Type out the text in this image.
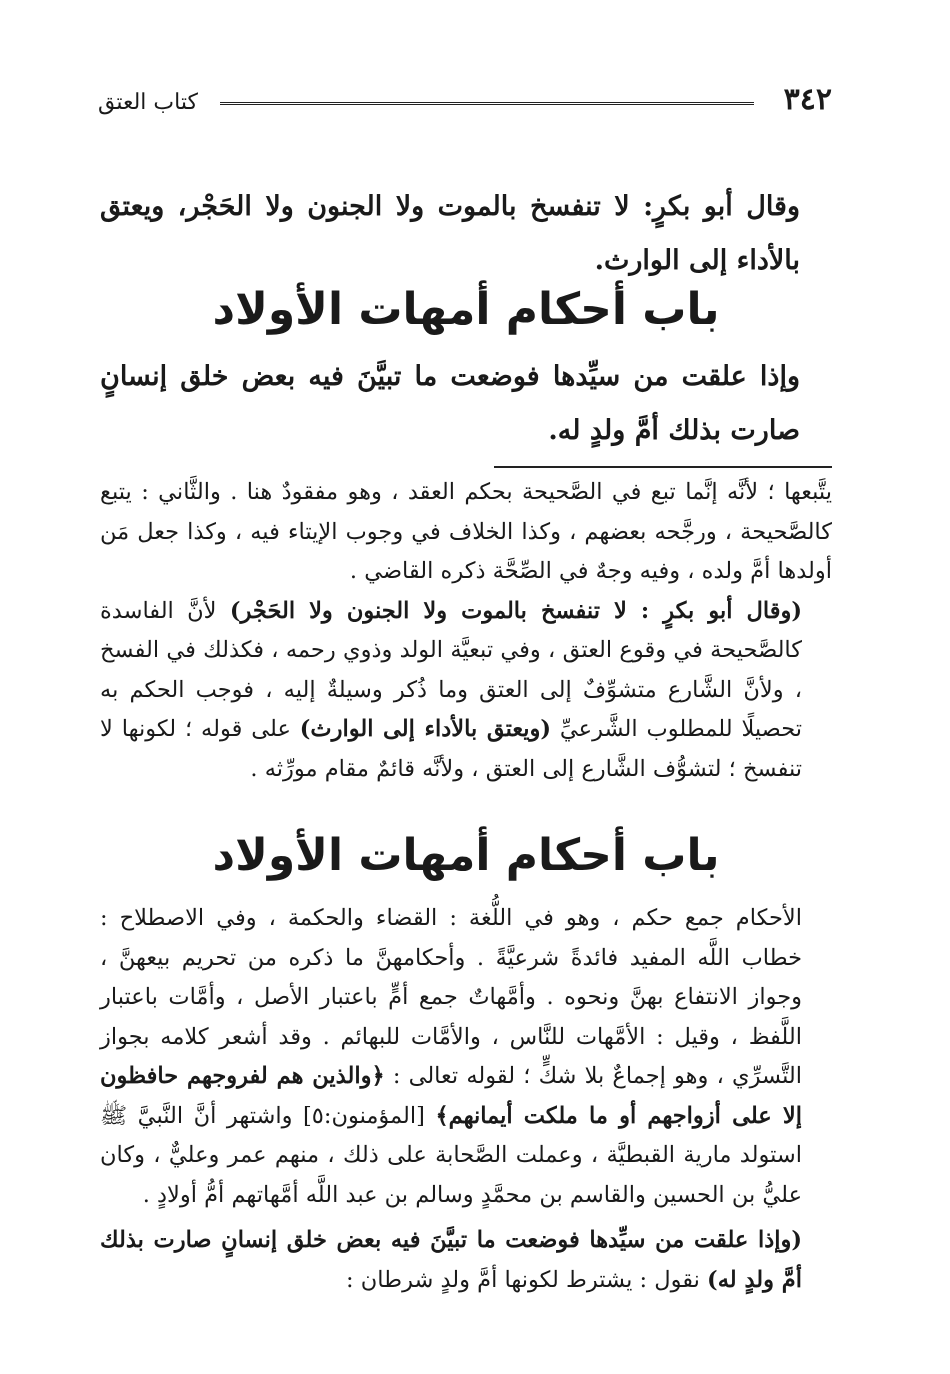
٣٤٢
كتاب العتق
وقال أبو بكرٍ: لا تنفسخ بالموت ولا الجنون ولا الحَجْر، ويعتق بالأداء إلى الوارث.
باب أحكام أمهات الأولاد
وإذا علقت من سيِّدها فوضعت ما تبيَّنَ فيه بعض خلق إنسانٍ صارت بذلك أمَّ ولدٍ له.

يتَّبعها ؛ لأنَّه إنَّما تبع في الصَّحيحة بحكم العقد ، وهو مفقودٌ هنا . والثَّاني : يتبع كالصَّحيحة ، ورجَّحه بعضهم ، وكذا الخلاف في وجوب الإيتاء فيه ، وكذا جعل مَن أولدها أمَّ ولده ، وفيه وجهٌ في الصِّحَّة ذكره القاضي .

(وقال أبو بكرٍ : لا تنفسخ بالموت ولا الجنون ولا الحَجْر) لأنَّ الفاسدة كالصَّحيحة في وقوع العتق ، وفي تبعيَّة الولد وذوي رحمه ، فكذلك في الفسخ ، ولأنَّ الشَّارع متشوِّفٌ إلى العتق وما ذُكر وسيلةٌ إليه ، فوجب الحكم به تحصيلًا للمطلوب الشَّرعيِّ (ويعتق بالأداء إلى الوارث) على قوله ؛ لكونها لا تنفسخ ؛ لتشوُّف الشَّارع إلى العتق ، ولأنَّه قائمٌ مقام مورِّثه .

باب أحكام أمهات الأولاد

الأحكام جمع حكم ، وهو في اللُّغة : القضاء والحكمة ، وفي الاصطلاح : خطاب اللَّه المفيد فائدةً شرعيَّةً . وأحكامهنَّ ما ذكره من تحريم بيعهنَّ ، وجواز الانتفاع بهنَّ ونحوه . وأمَّهاتٌ جمع أمٍّ باعتبار الأصل ، وأمَّات باعتبار اللَّفظ ، وقيل : الأمَّهات للنَّاس ، والأمَّات للبهائم . وقد أشعر كلامه بجواز التَّسرِّي ، وهو إجماعٌ بلا شكٍّ ؛ لقوله تعالى : ﴿والذين هم لفروجهم حافظون إلا على أزواجهم أو ما ملكت أيمانهم﴾ [المؤمنون:٥] واشتهر أنَّ النَّبيَّ ﷺ استولد مارية القبطيَّة ، وعملت الصَّحابة على ذلك ، منهم عمر وعليٌّ ، وكان عليُّ بن الحسين والقاسم بن محمَّدٍ وسالم بن عبد اللَّه أمَّهاتهم أمُّ أولادٍ .

(وإذا علقت من سيِّدها فوضعت ما تبيَّنَ فيه بعض خلق إنسانٍ صارت بذلك أمَّ ولدٍ له) نقول : يشترط لكونها أمَّ ولدٍ شرطان :
